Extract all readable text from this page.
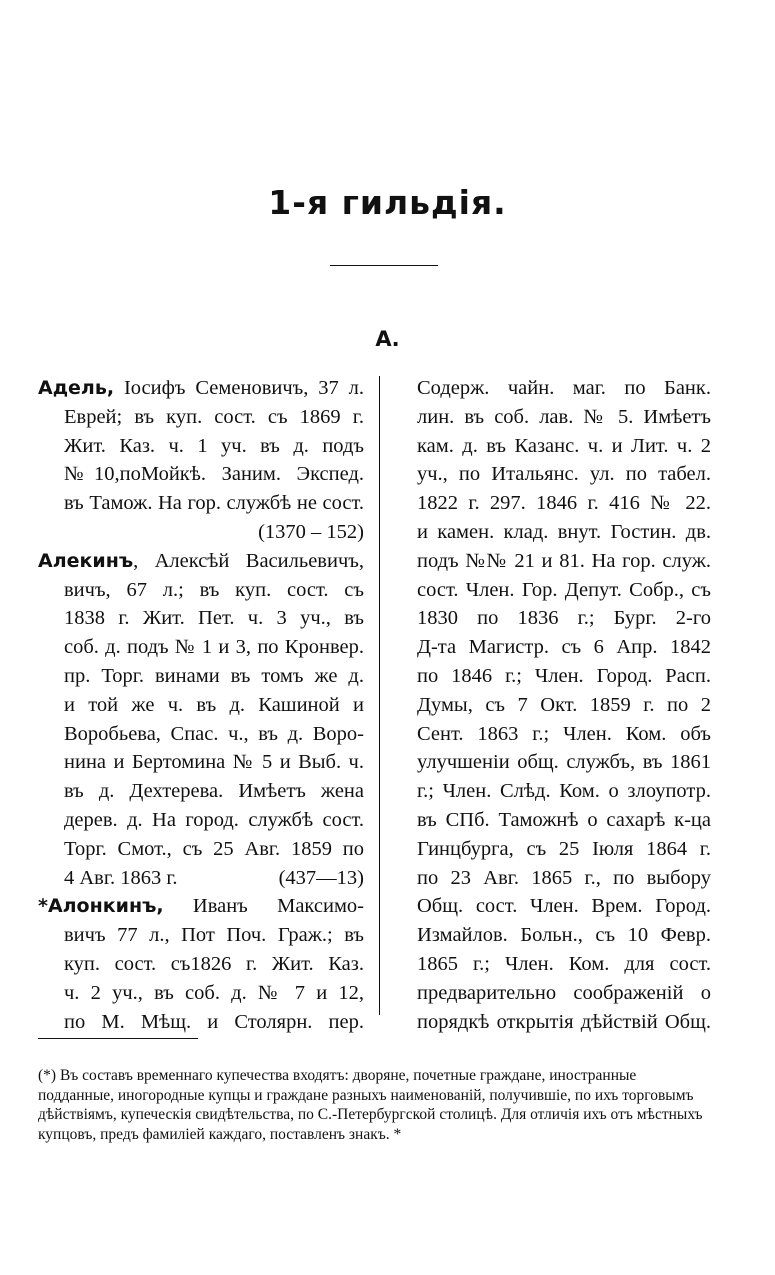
1-я гильдія.
А.
Адель, Іосифъ Семеновичъ, 37 л.
Еврей; въ куп. сост. съ 1869 г.
Жит. Каз. ч. 1 уч. въ д. подъ
№10,поМойкѣ. Заним. Экспед.
въ Тамож. На гор. службѣ не сост.
(1370 – 152)
Алекинъ, Алексѣй Васильевичъ,
вичъ, 67 л.; въ куп. сост. съ
1838 г. Жит. Пет. ч. 3 уч., въ
соб. д. подъ № 1 и 3, по Кронвер.
пр. Торг. винами въ томъ же д.
и той же ч. въ д. Кашиной и
Воробьева, Спас. ч., въ д. Воро-
нина и Бертомина № 5 и Выб. ч.
въ д. Дехтерева. Имѣетъ жена
дерев. д. На город. службѣ сост.
Торг. Смот., съ 25 Авг. 1859 по
4 Авг. 1863 г.	(437—13)
*Алонкинъ, Иванъ Максимо-
вичъ 77 л., Пот Поч. Граж.; въ
куп. сост. съ1826 г. Жит. Каз.
ч. 2 уч., въ соб. д. № 7 и 12,
по М. Мѣщ. и Столярн. пер.
Содерж. чайн. маг. по Банк.
лин. въ соб. лав. № 5. Имѣетъ
кам. д. въ Казанс. ч. и Лит. ч. 2
уч., по Итальянс. ул. по табел.
1822 г. 297. 1846 г. 416 № 22.
и камен. клад. внут. Гостин. дв.
подъ №№ 21 и 81. На гор. служ.
сост. Член. Гор. Депут. Собр., съ
1830 по 1836 г.; Бург. 2-го
Д-та Магистр. съ 6 Апр. 1842
по 1846 г.; Член. Город. Расп.
Думы, съ 7 Окт. 1859 г. по 2
Сент. 1863 г.; Член. Ком. объ
улучшеніи общ. службъ, въ 1861
г.; Член. Слѣд. Ком. о злоупотр.
въ СПб. Таможнѣ о сахарѣ к-ца
Гинцбурга, съ 25 Іюля 1864 г.
по 23 Авг. 1865 г., по выбору
Общ. сост. Член. Врем. Город.
Измайлов. Больн., съ 10 Февр.
1865 г.; Член. Ком. для сост.
предварительно соображеній о
порядкѣ открытія дѣйствій Общ.
(*) Въ составъ временнаго купечества входятъ: дворяне, почетные граждане, иностранные подданные, иногородные купцы и граждане разныхъ наименованій, получившіе, по ихъ торговымъ дѣйствіямъ, купеческія свидѣтельства, по С.-Петербургской столицѣ. Для отличія ихъ отъ мѣстныхъ купцовъ, предъ фамиліей каждаго, поставленъ знакъ. *
